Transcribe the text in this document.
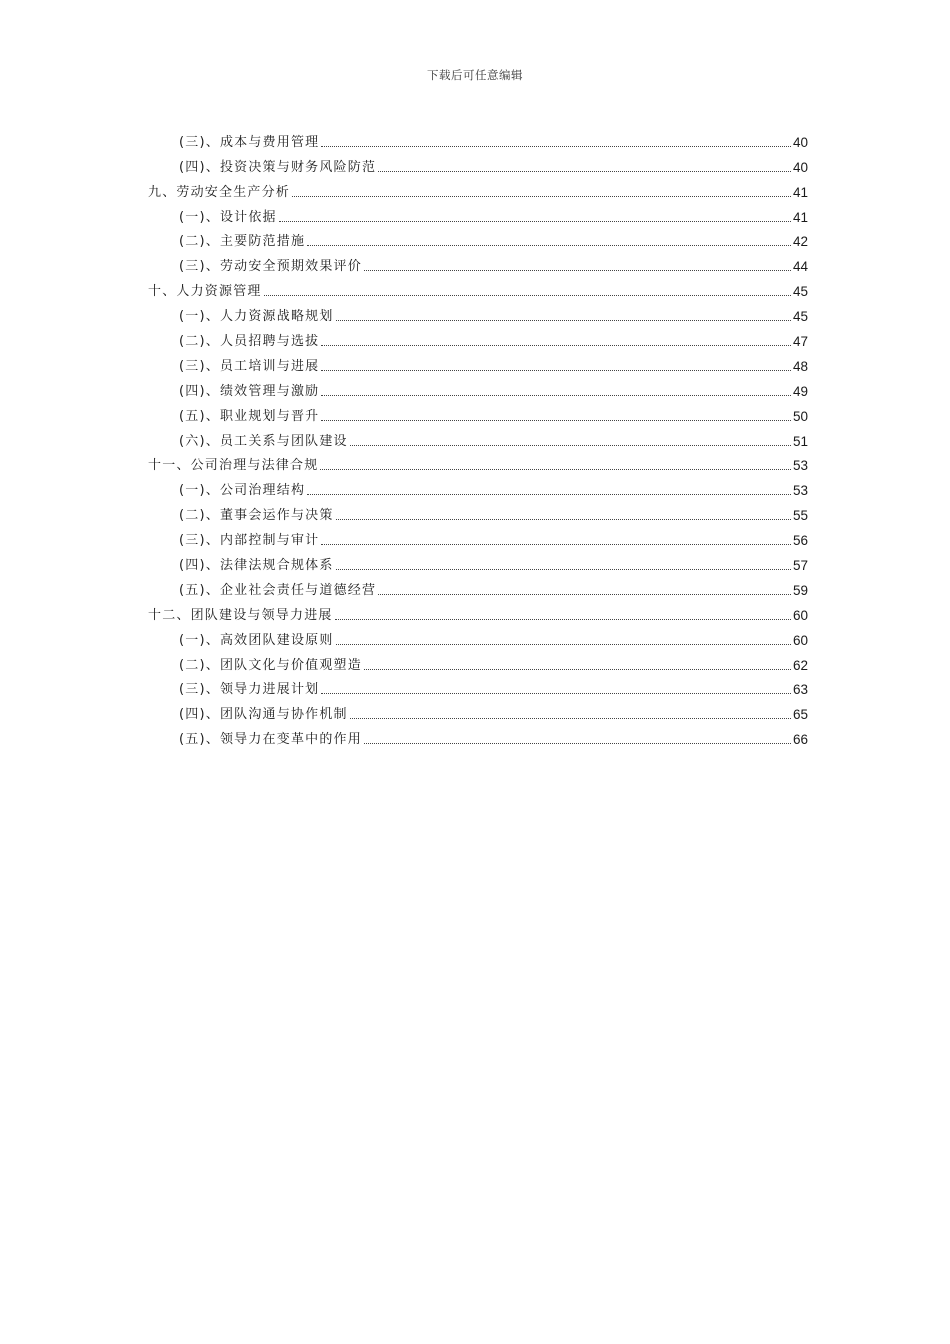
下载后可任意编辑
(三)、成本与费用管理	40
(四)、投资决策与财务风险防范	40
九、劳动安全生产分析	41
(一)、设计依据	41
(二)、主要防范措施	42
(三)、劳动安全预期效果评价	44
十、人力资源管理	45
(一)、人力资源战略规划	45
(二)、人员招聘与选拔	47
(三)、员工培训与进展	48
(四)、绩效管理与激励	49
(五)、职业规划与晋升	50
(六)、员工关系与团队建设	51
十一、公司治理与法律合规	53
(一)、公司治理结构	53
(二)、董事会运作与决策	55
(三)、内部控制与审计	56
(四)、法律法规合规体系	57
(五)、企业社会责任与道德经营	59
十二、团队建设与领导力进展	60
(一)、高效团队建设原则	60
(二)、团队文化与价值观塑造	62
(三)、领导力进展计划	63
(四)、团队沟通与协作机制	65
(五)、领导力在变革中的作用	66
